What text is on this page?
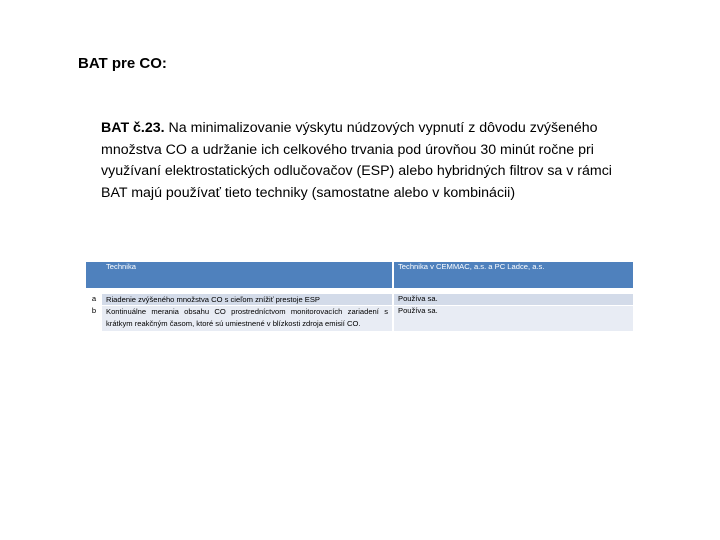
BAT pre CO:
BAT č.23. Na minimalizovanie výskytu núdzových vypnutí z dôvodu zvýšeného množstva CO a udržanie ich celkového trvania pod úrovňou 30 minút ročne pri využívaní elektrostatických odlučovačov (ESP) alebo hybridných filtrov sa v rámci BAT majú používať tieto techniky (samostatne alebo v kombinácii)
	Technika	Technika v CEMMAC, a.s. a PC Ladce, a.s.

a	Riadenie zvýšeného množstva CO s cieľom znížiť prestoje ESP	Používa sa.
b	Kontinuálne merania obsahu CO prostredníctvom monitorovacích zariadení s krátkym reakčným časom, ktoré sú umiestnené v blízkosti zdroja emisií CO.	Používa sa.
